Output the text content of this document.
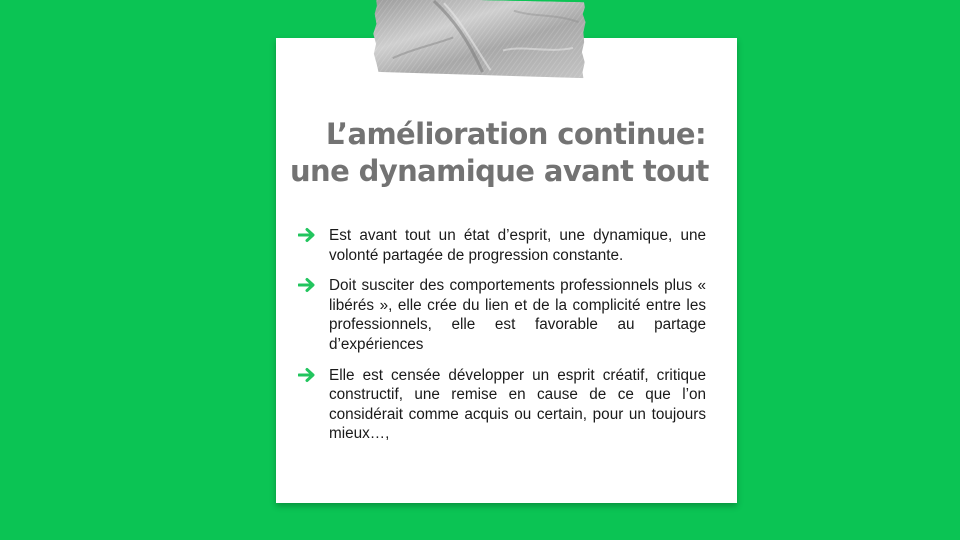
L’amélioration continue:
une dynamique avant tout
Est avant tout un état d’esprit, une dynamique, une volonté partagée de progression constante.
Doit susciter des comportements professionnels plus « libérés », elle crée du lien et de la complicité entre les professionnels, elle est favorable au partage d’expériences
Elle est censée développer un esprit créatif, critique constructif, une remise en cause de ce que l’on considérait comme acquis ou certain, pour un toujours mieux…,
